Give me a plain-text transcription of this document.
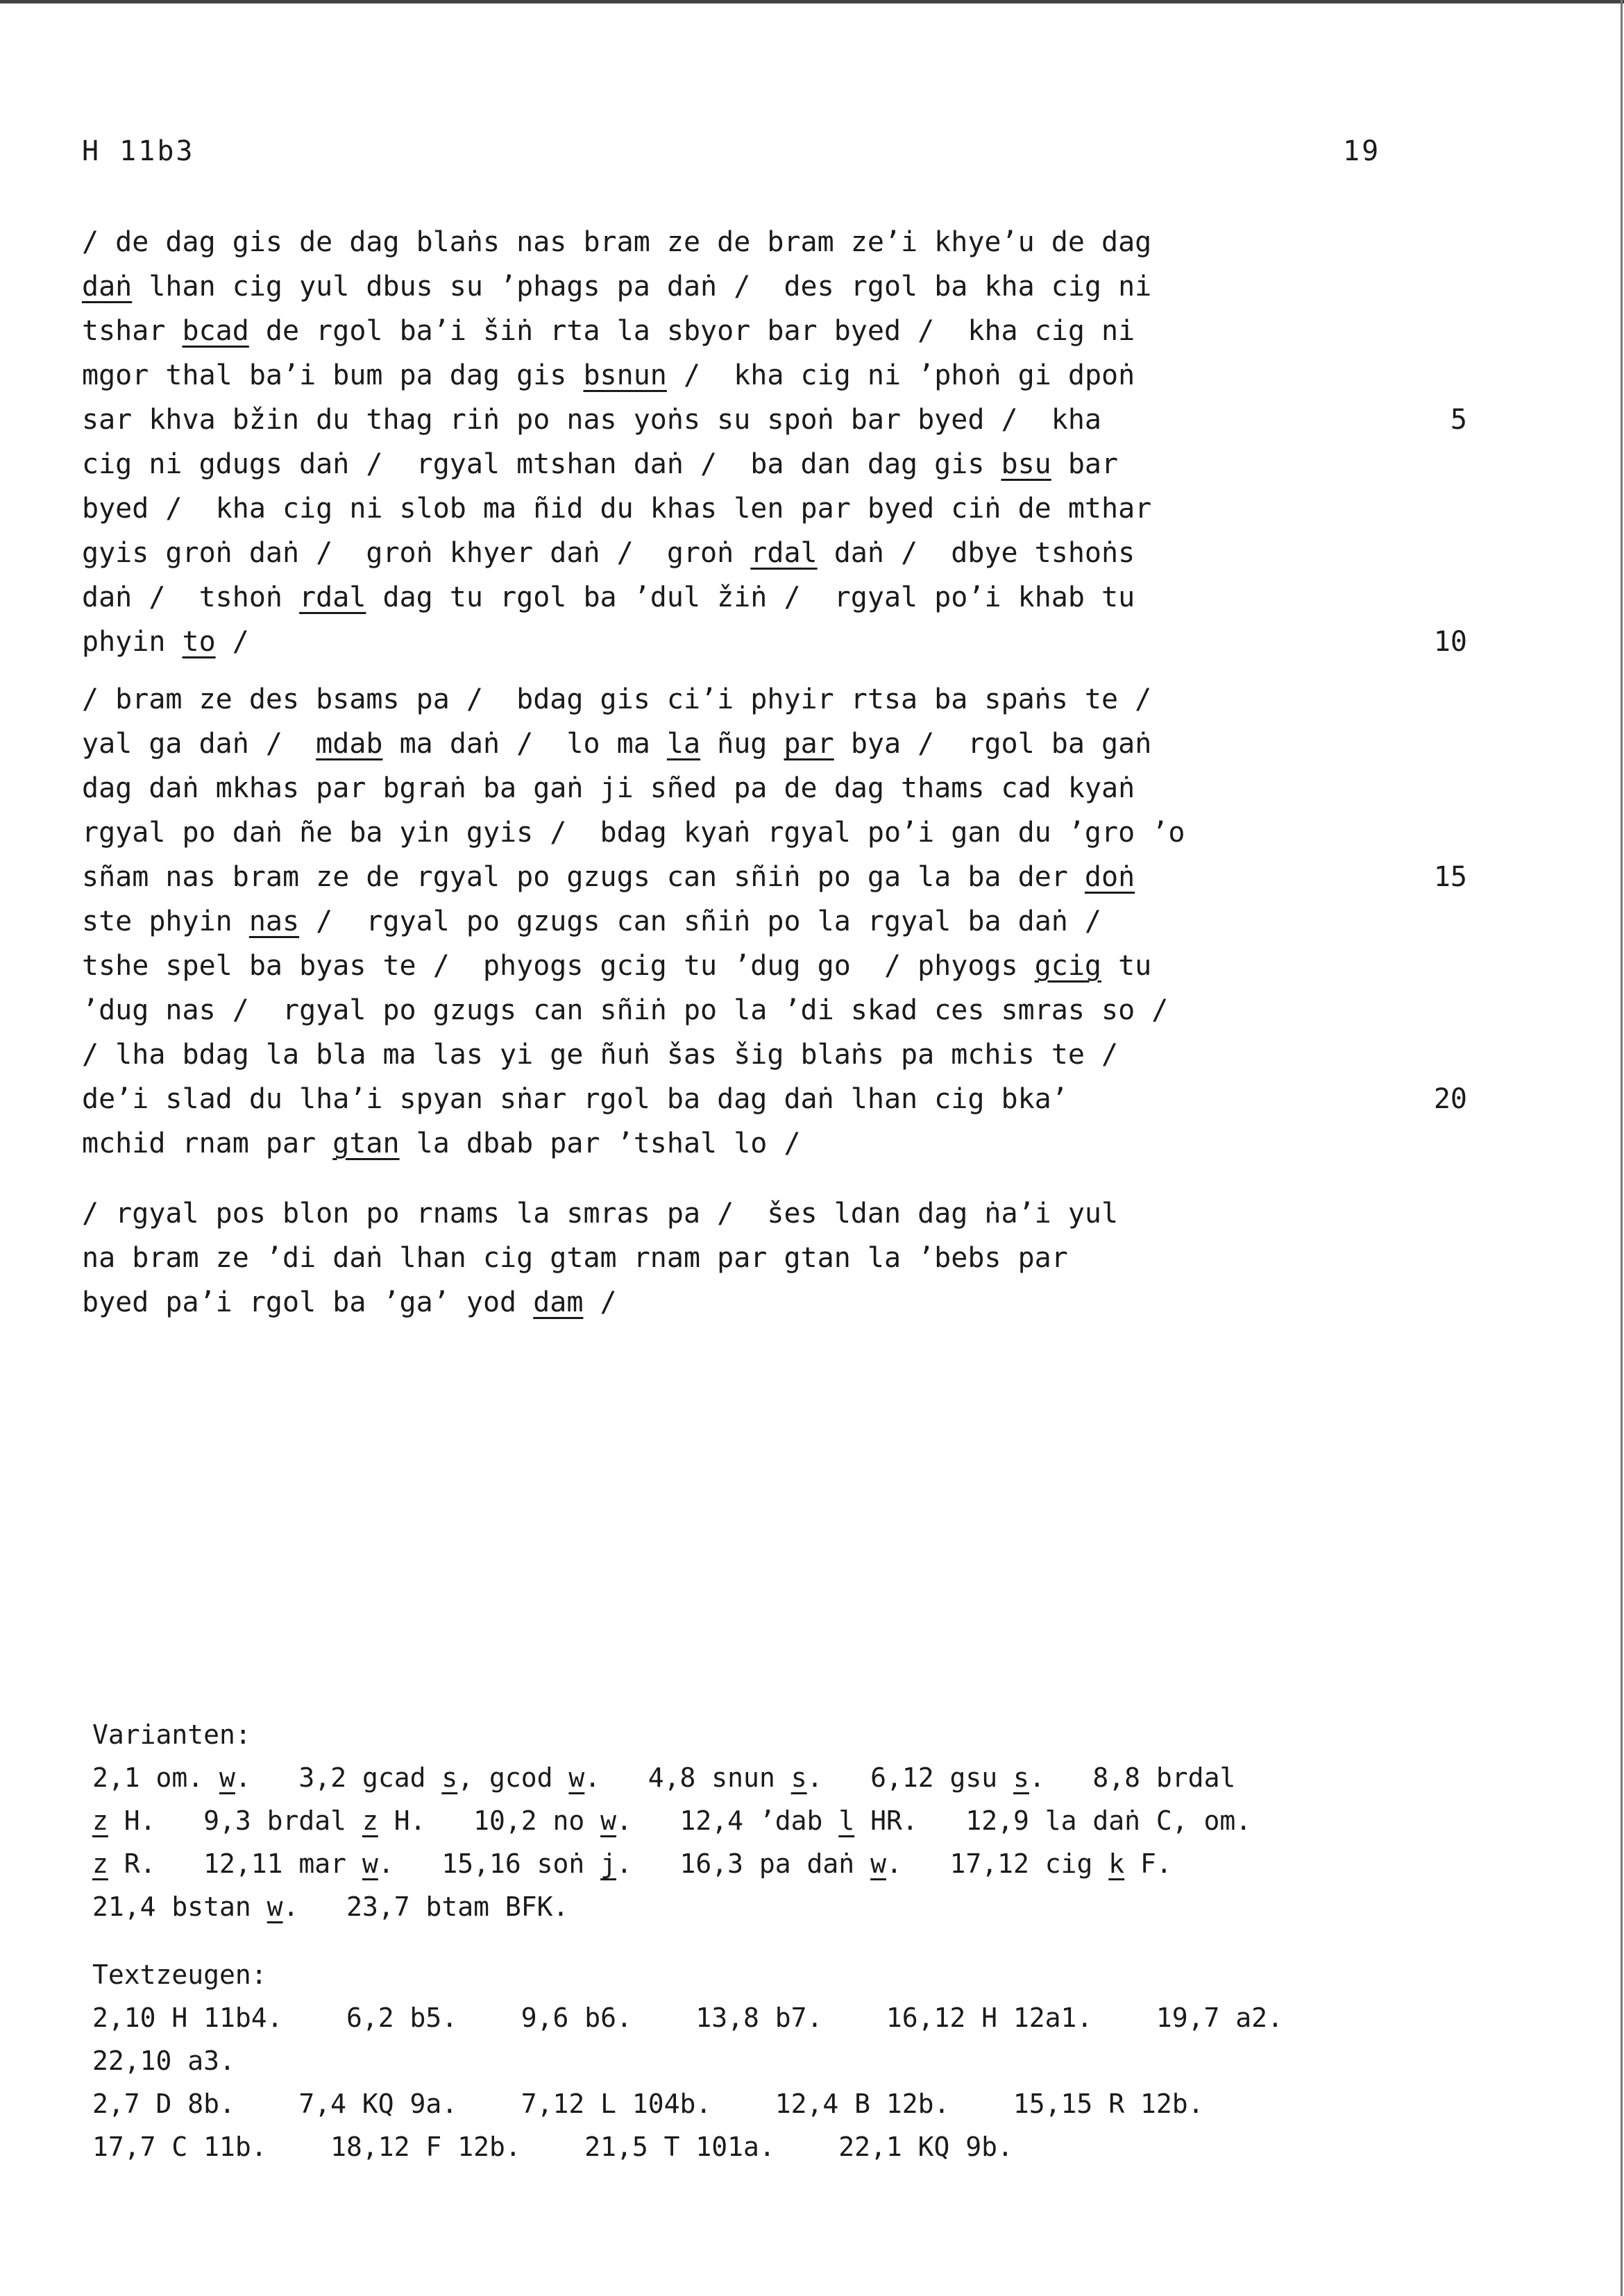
H 11b3	19
/ de dag gis de dag blaṅs nas bram ze de bram ze’i khye’u de dag
daṅ lhan cig yul dbus su ’phags pa daṅ /  des rgol ba kha cig ni
tshar bcad de rgol ba’i šiṅ rta la sbyor bar byed /  kha cig ni
mgor thal ba’i bum pa dag gis bsnun /  kha cig ni ’phoṅ gi dpoṅ
sar khva bžin du thag riṅ po nas yoṅs su spoṅ bar byed /  kha	5
cig ni gdugs daṅ /  rgyal mtshan daṅ /  ba dan dag gis bsu bar
byed /  kha cig ni slob ma ñid du khas len par byed ciṅ de mthar
gyis groṅ daṅ /  groṅ khyer daṅ /  groṅ rdal daṅ /  dbye tshoṅs
daṅ /  tshoṅ rdal dag tu rgol ba ’dul žiṅ /  rgyal po’i khab tu
phyin to /	10
/ bram ze des bsams pa /  bdag gis ci’i phyir rtsa ba spaṅs te /
yal ga daṅ /  mdab ma daṅ /  lo ma la ñug par bya /  rgol ba gaṅ
dag daṅ mkhas par bgraṅ ba gaṅ ji sñed pa de dag thams cad kyaṅ
rgyal po daṅ ñe ba yin gyis /  bdag kyaṅ rgyal po’i gan du ’gro ’o
sñam nas bram ze de rgyal po gzugs can sñiṅ po ga la ba der doṅ	15
ste phyin nas /  rgyal po gzugs can sñiṅ po la rgyal ba daṅ /
tshe spel ba byas te /  phyogs gcig tu ’dug go  / phyogs gcig tu
’dug nas /  rgyal po gzugs can sñiṅ po la ’di skad ces smras so /
/ lha bdag la bla ma las yi ge ñuṅ šas šig blaṅs pa mchis te /
de’i slad du lha’i spyan sṅar rgol ba dag daṅ lhan cig bka’	20
mchid rnam par gtan la dbab par ’tshal lo /
/ rgyal pos blon po rnams la smras pa /  šes ldan dag ṅa’i yul
na bram ze ’di daṅ lhan cig gtam rnam par gtan la ’bebs par
byed pa’i rgol ba ’ga’ yod dam /
Varianten:
2,1 om. w.   3,2 gcad s, gcod w.   4,8 snun s.   6,12 gsu s.   8,8 brdal
z H.   9,3 brdal z H.   10,2 no w.   12,4 ’dab l HR.   12,9 la daṅ C, om.
z R.   12,11 mar w.   15,16 soṅ j.   16,3 pa daṅ w.   17,12 cig k F.
21,4 bstan w.   23,7 btam BFK.
Textzeugen:
2,10 H 11b4.    6,2 b5.    9,6 b6.    13,8 b7.    16,12 H 12a1.    19,7 a2.
22,10 a3.
2,7 D 8b.    7,4 KQ 9a.    7,12 L 104b.    12,4 B 12b.    15,15 R 12b.
17,7 C 11b.    18,12 F 12b.    21,5 T 101a.    22,1 KQ 9b.
